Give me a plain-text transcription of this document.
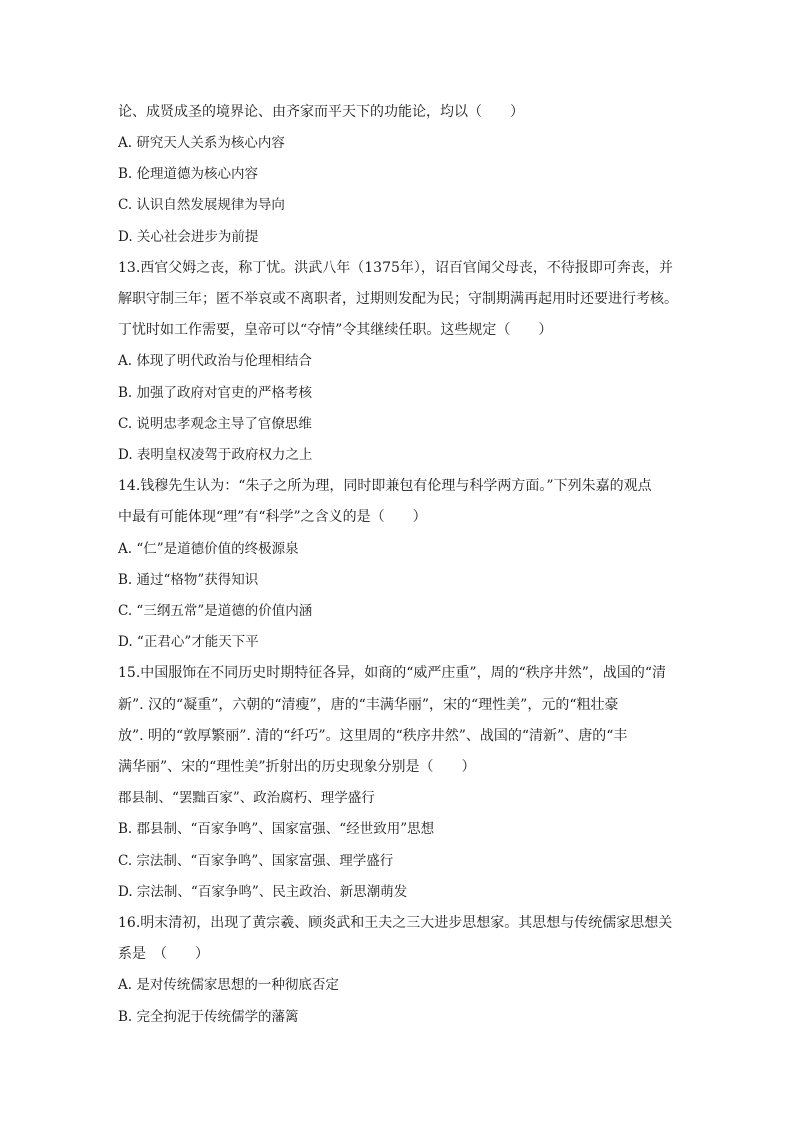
论、成贤成圣的境界论、由齐家而平天下的功能论，均以（　　）
A. 研究天人关系为核心内容
B. 伦理道德为核心内容
C. 认识自然发展规律为导向
D. 关心社会进步为前提
13.西官父姆之丧，称丁忧。洪武八年（1375年），诏百官闻父母丧，不待报即可奔丧，并
解职守制三年；匿不举哀或不离职者，过期则发配为民；守制期满再起用时还要进行考核。
丁忧时如工作需要，皇帝可以“夺情”令其继续任职。这些规定（　　）
A. 体现了明代政治与伦理相结合
B. 加强了政府对官吏的严格考核
C. 说明忠孝观念主导了官僚思维
D. 表明皇权凌驾于政府权力之上
14.钱穆先生认为：“朱子之所为理，同时即兼包有伦理与科学两方面。”下列朱嘉的观点
中最有可能体现“理”有“科学”之含义的是（　　）
A. “仁”是道德价值的终极源泉
B. 通过“格物”获得知识
C. “三纲五常”是道德的价值内涵
D. “正君心”才能天下平
15.中国服饰在不同历史时期特征各异，如商的“威严庄重”，周的“秩序井然”，战国的“清
新”. 汉的“凝重”，六朝的“清瘦”，唐的“丰满华丽”，宋的“理性美”，元的“粗壮豪
放”. 明的“敦厚繁丽”. 清的“纤巧”。这里周的“秩序井然”、战国的“清新”、唐的“丰
满华丽”、宋的“理性美”折射出的历史现象分别是（　　）
郡县制、“罢黜百家”、政治腐朽、理学盛行
B. 郡县制、“百家争鸣”、国家富强、“经世致用”思想
C. 宗法制、“百家争鸣”、国家富强、理学盛行
D. 宗法制、“百家争鸣”、民主政治、新思潮萌发
16.明末清初，出现了黄宗羲、顾炎武和王夫之三大进步思想家。其思想与传统儒家思想关
系是　（　　）
A. 是对传统儒家思想的一种彻底否定
B. 完全拘泥于传统儒学的藩篱
